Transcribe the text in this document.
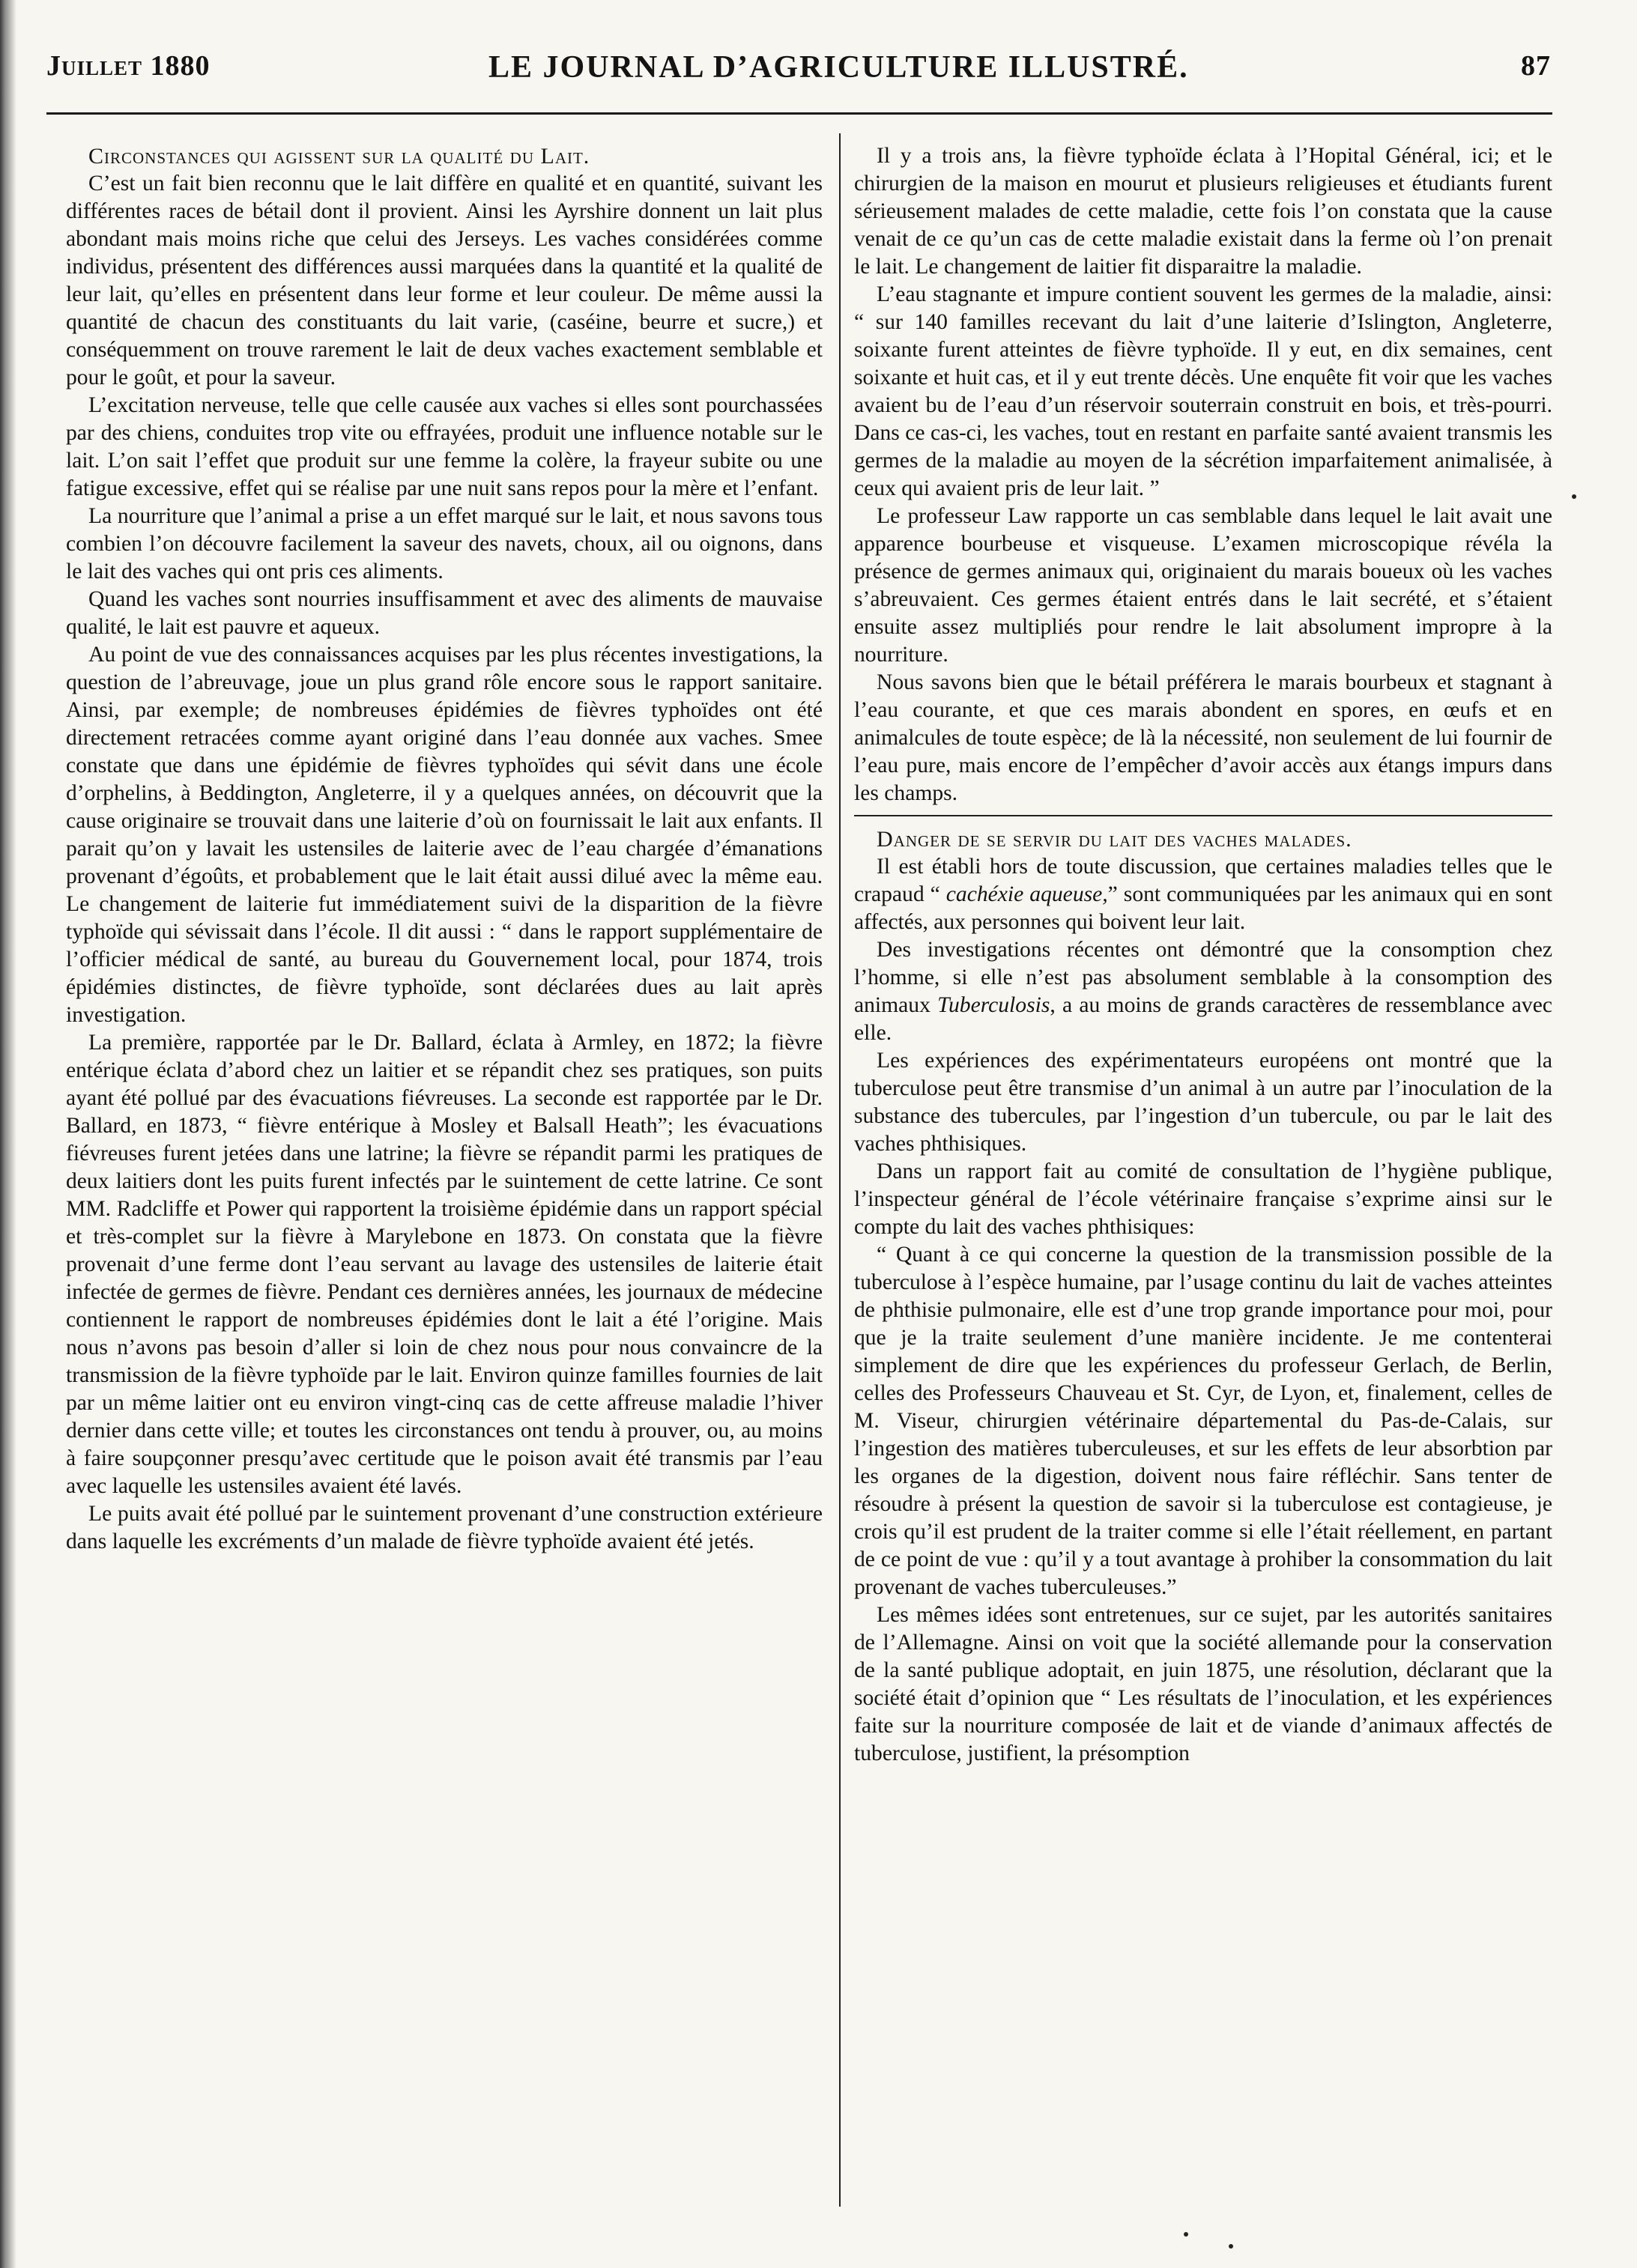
Juillet 1880	LE JOURNAL D’AGRICULTURE ILLUSTRÉ.	87

Circonstances qui agissent sur la qualité du Lait.

C’est un fait bien reconnu que le lait diffère en qualité et en quantité, suivant les différentes races de bétail dont il provient. Ainsi les Ayrshire donnent un lait plus abondant mais moins riche que celui des Jerseys. Les vaches considérées comme individus, présentent des différences aussi marquées dans la quantité et la qualité de leur lait, qu’elles en présentent dans leur forme et leur couleur. De même aussi la quantité de chacun des constituants du lait varie, (caséine, beurre et sucre,) et conséquemment on trouve rarement le lait de deux vaches exactement semblable et pour le goût, et pour la saveur.

L’excitation nerveuse, telle que celle causée aux vaches si elles sont pourchassées par des chiens, conduites trop vite ou effrayées, produit une influence notable sur le lait. L’on sait l’effet que produit sur une femme la colère, la frayeur subite ou une fatigue excessive, effet qui se réalise par une nuit sans repos pour la mère et l’enfant.

La nourriture que l’animal a prise a un effet marqué sur le lait, et nous savons tous combien l’on découvre facilement la saveur des navets, choux, ail ou oignons, dans le lait des vaches qui ont pris ces aliments.

Quand les vaches sont nourries insuffisamment et avec des aliments de mauvaise qualité, le lait est pauvre et aqueux.

Au point de vue des connaissances acquises par les plus récentes investigations, la question de l’abreuvage, joue un plus grand rôle encore sous le rapport sanitaire. Ainsi, par exemple; de nombreuses épidémies de fièvres typhoïdes ont été directement retracées comme ayant originé dans l’eau donnée aux vaches. Smee constate que dans une épidémie de fièvres typhoïdes qui sévit dans une école d’orphelins, à Beddington, Angleterre, il y a quelques années, on découvrit que la cause originaire se trouvait dans une laiterie d’où on fournissait le lait aux enfants. Il parait qu’on y lavait les ustensiles de laiterie avec de l’eau chargée d’émanations provenant d’égoûts, et probablement que le lait était aussi dilué avec la même eau. Le changement de laiterie fut immédiatement suivi de la disparition de la fièvre typhoïde qui sévissait dans l’école. Il dit aussi : “ dans le rapport supplémentaire de l’officier médical de santé, au bureau du Gouvernement local, pour 1874, trois épidémies distinctes, de fièvre typhoïde, sont déclarées dues au lait après investigation.

La première, rapportée par le Dr. Ballard, éclata à Armley, en 1872; la fièvre entérique éclata d’abord chez un laitier et se répandit chez ses pratiques, son puits ayant été pollué par des évacuations fiévreuses. La seconde est rapportée par le Dr. Ballard, en 1873, “ fièvre entérique à Mosley et Balsall Heath”; les évacuations fiévreuses furent jetées dans une latrine; la fièvre se répandit parmi les pratiques de deux laitiers dont les puits furent infectés par le suintement de cette latrine. Ce sont MM. Radcliffe et Power qui rapportent la troisième épidémie dans un rapport spécial et très-complet sur la fièvre à Marylebone en 1873. On constata que la fièvre provenait d’une ferme dont l’eau servant au lavage des ustensiles de laiterie était infectée de germes de fièvre. Pendant ces dernières années, les journaux de médecine contiennent le rapport de nombreuses épidémies dont le lait a été l’origine. Mais nous n’avons pas besoin d’aller si loin de chez nous pour nous convaincre de la transmission de la fièvre typhoïde par le lait. Environ quinze familles fournies de lait par un même laitier ont eu environ vingt-cinq cas de cette affreuse maladie l’hiver dernier dans cette ville; et toutes les circonstances ont tendu à prouver, ou, au moins à faire soupçonner presqu’avec certitude que le poison avait été transmis par l’eau avec laquelle les ustensiles avaient été lavés.

Le puits avait été pollué par le suintement provenant d’une construction extérieure dans laquelle les excréments d’un malade de fièvre typhoïde avaient été jetés.

Il y a trois ans, la fièvre typhoïde éclata à l’Hopital Général, ici; et le chirurgien de la maison en mourut et plusieurs religieuses et étudiants furent sérieusement malades de cette maladie, cette fois l’on constata que la cause venait de ce qu’un cas de cette maladie existait dans la ferme où l’on prenait le lait. Le changement de laitier fit disparaitre la maladie.

L’eau stagnante et impure contient souvent les germes de la maladie, ainsi: “ sur 140 familles recevant du lait d’une laiterie d’Islington, Angleterre, soixante furent atteintes de fièvre typhoïde. Il y eut, en dix semaines, cent soixante et huit cas, et il y eut trente décès. Une enquête fit voir que les vaches avaient bu de l’eau d’un réservoir souterrain construit en bois, et très-pourri. Dans ce cas-ci, les vaches, tout en restant en parfaite santé avaient transmis les germes de la maladie au moyen de la sécrétion imparfaitement animalisée, à ceux qui avaient pris de leur lait. ”

Le professeur Law rapporte un cas semblable dans lequel le lait avait une apparence bourbeuse et visqueuse. L’examen microscopique révéla la présence de germes animaux qui, originaient du marais boueux où les vaches s’abreuvaient. Ces germes étaient entrés dans le lait secrété, et s’étaient ensuite assez multipliés pour rendre le lait absolument impropre à la nourriture.

Nous savons bien que le bétail préférera le marais bourbeux et stagnant à l’eau courante, et que ces marais abondent en spores, en œufs et en animalcules de toute espèce; de là la nécessité, non seulement de lui fournir de l’eau pure, mais encore de l’empêcher d’avoir accès aux étangs impurs dans les champs.

Danger de se servir du lait des vaches malades.

Il est établi hors de toute discussion, que certaines maladies telles que le crapaud “ cachéxie aqueuse,” sont communiquées par les animaux qui en sont affectés, aux personnes qui boivent leur lait.

Des investigations récentes ont démontré que la consomption chez l’homme, si elle n’est pas absolument semblable à la consomption des animaux Tuberculosis, a au moins de grands caractères de ressemblance avec elle.

Les expériences des expérimentateurs européens ont montré que la tuberculose peut être transmise d’un animal à un autre par l’inoculation de la substance des tubercules, par l’ingestion d’un tubercule, ou par le lait des vaches phthisiques.

Dans un rapport fait au comité de consultation de l’hygiène publique, l’inspecteur général de l’école vétérinaire française s’exprime ainsi sur le compte du lait des vaches phthisiques:

“ Quant à ce qui concerne la question de la transmission possible de la tuberculose à l’espèce humaine, par l’usage continu du lait de vaches atteintes de phthisie pulmonaire, elle est d’une trop grande importance pour moi, pour que je la traite seulement d’une manière incidente. Je me contenterai simplement de dire que les expériences du professeur Gerlach, de Berlin, celles des Professeurs Chauveau et St. Cyr, de Lyon, et, finalement, celles de M. Viseur, chirurgien vétérinaire départemental du Pas-de-Calais, sur l’ingestion des matières tuberculeuses, et sur les effets de leur absorbtion par les organes de la digestion, doivent nous faire réfléchir. Sans tenter de résoudre à présent la question de savoir si la tuberculose est contagieuse, je crois qu’il est prudent de la traiter comme si elle l’était réellement, en partant de ce point de vue : qu’il y a tout avantage à prohiber la consommation du lait provenant de vaches tuberculeuses.”

Les mêmes idées sont entretenues, sur ce sujet, par les autorités sanitaires de l’Allemagne. Ainsi on voit que la société allemande pour la conservation de la santé publique adoptait, en juin 1875, une résolution, déclarant que la société était d’opinion que “ Les résultats de l’inoculation, et les expériences faite sur la nourriture composée de lait et de viande d’animaux affectés de tuberculose, justifient, la présomption
